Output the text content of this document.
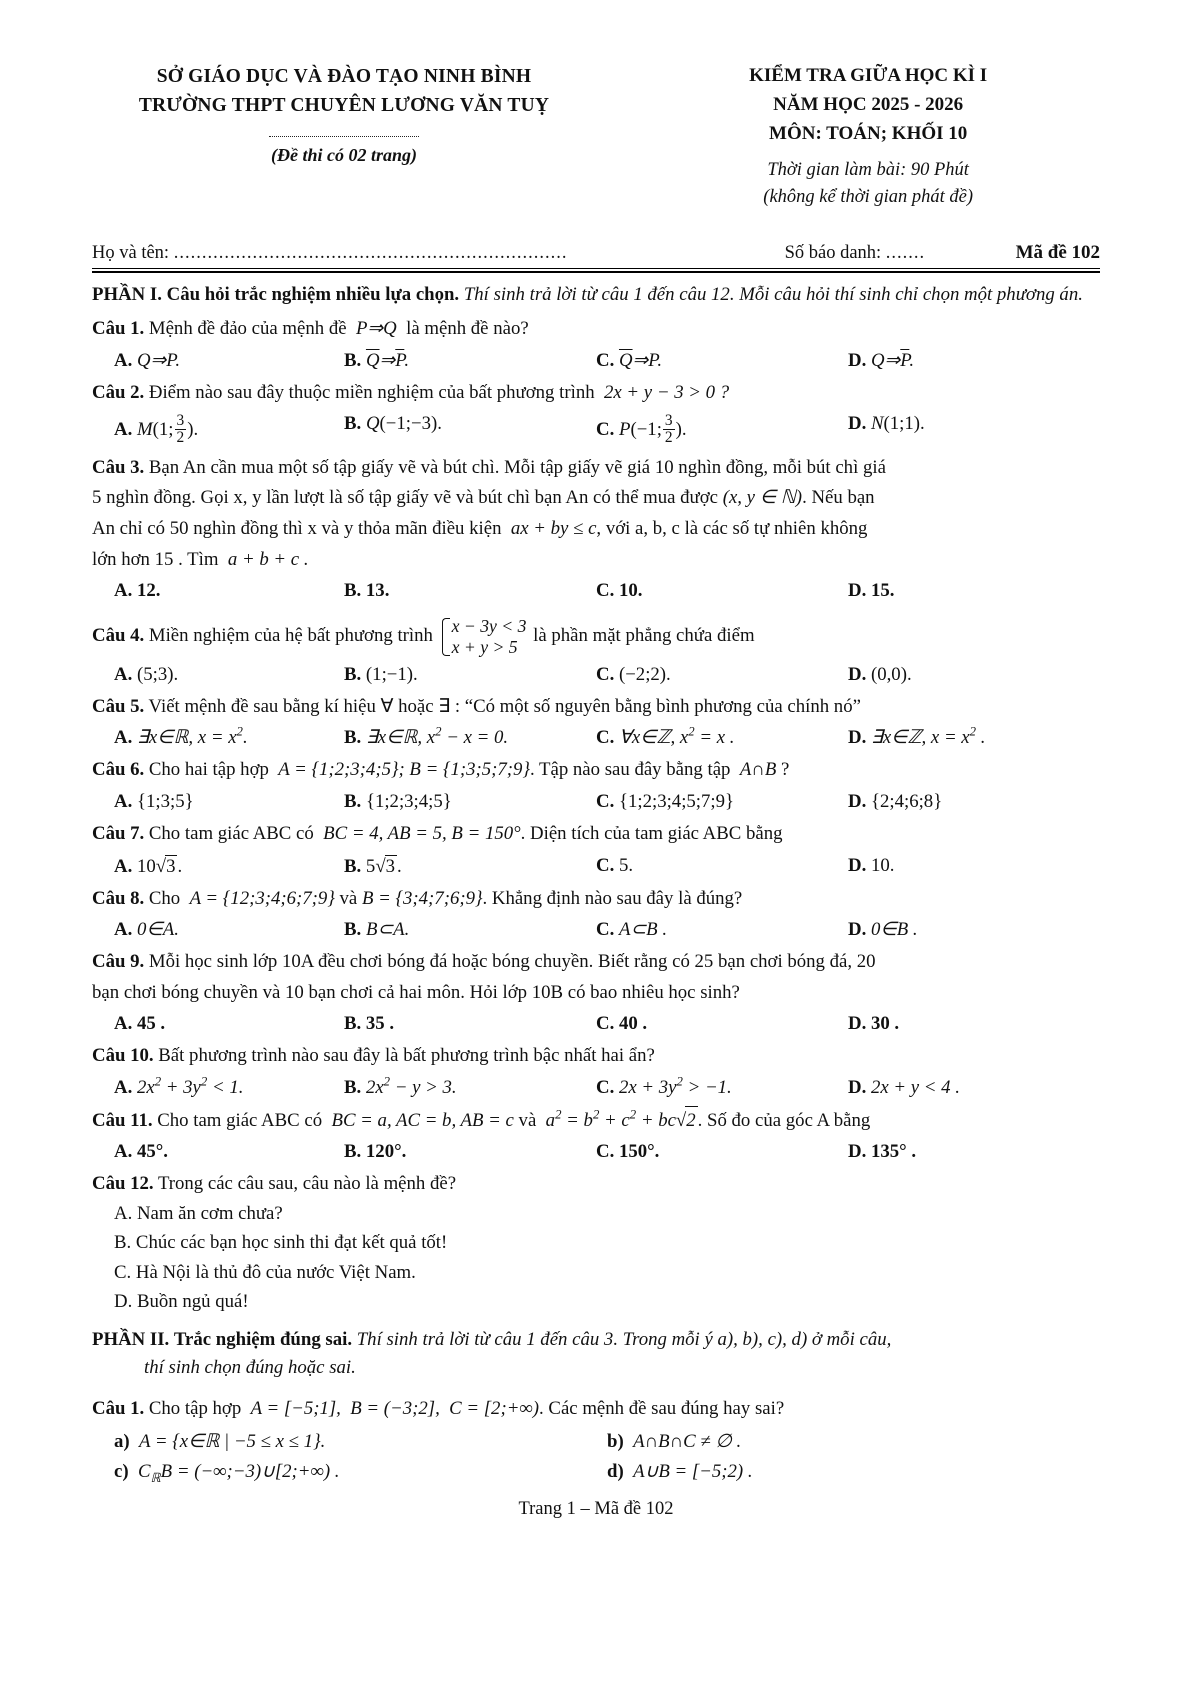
SỞ GIÁO DỤC VÀ ĐÀO TẠO NINH BÌNH
TRƯỜNG THPT CHUYÊN LƯƠNG VĂN TUỴ
(Đề thi có 02 trang)
KIỂM TRA GIỮA HỌC KÌ I
NĂM HỌC 2025 - 2026
MÔN: TOÁN; KHỐI 10
Thời gian làm bài: 90 Phút
(không kể thời gian phát đề)
Họ và tên: ......................................................................	Số báo danh: .......	Mã đề 102
PHẦN I. Câu hỏi trắc nghiệm nhiều lựa chọn. Thí sinh trả lời từ câu 1 đến câu 12. Mỗi câu hỏi thí sinh chỉ chọn một phương án.
Câu 1. Mệnh đề đảo của mệnh đề  P⇒Q  là mệnh đề nào?
A. Q⇒P.	B. $\overline{Q}\Rightarrow\overline{P}$.	C. $\overline{Q}\Rightarrow P$.	D. $Q\Rightarrow\overline{P}$.
Câu 2. Điểm nào sau đây thuộc miền nghiệm của bất phương trình  2x + y − 3 > 0 ?
A. M(1; $\frac{3}{2}$ ).	B. Q(−1;−3).	C. P(−1; $\frac{3}{2}$ ).	D. N(1;1).
Câu 3. Bạn An cần mua một số tập giấy vẽ và bút chì. Mỗi tập giấy vẽ giá 10 nghìn đồng, mỗi bút chì giá
5 nghìn đồng. Gọi x, y lần lượt là số tập giấy vẽ và bút chì bạn An có thể mua được (x, y ∈ ℕ). Nếu bạn
An chỉ có 50 nghìn đồng thì x và y thỏa mãn điều kiện  ax + by ≤ c, với a, b, c là các số tự nhiên không
lớn hơn 15 . Tìm  a + b + c .
A. 12.	B. 13.	C. 10.	D. 15.
Câu 4. Miền nghiệm của hệ bất phương trình x − 3y < 3
x + y > 5 là phần mặt phẳng chứa điểm
A. (5;3).	B. (1;−1).	C. (−2;2).	D. (0,0).
Câu 5. Viết mệnh đề sau bằng kí hiệu ∀ hoặc ∃ : “Có một số nguyên bằng bình phương của chính nó”
A. ∃x∈ℝ, $x = x^2$.	B. ∃x∈ℝ, $x^2 - x = 0$.	C. ∀x∈ℤ, $x^2 = x$ .	D. ∃x∈ℤ, $x = x^2$ .
Câu 6. Cho hai tập hợp  A = {1;2;3;4;5}; B = {1;3;5;7;9}. Tập nào sau đây bằng tập  A∩B ?
A. {1;3;5}	B. {1;2;3;4;5}	C. {1;2;3;4;5;7;9}	D. {2;4;6;8}
Câu 7. Cho tam giác ABC có  BC = 4, AB = 5, B = 150°. Diện tích của tam giác ABC bằng
A. 10√3 .	B. 5√3 .	C. 5.	D. 10.
Câu 8. Cho  A = {12;3;4;6;7;9} và B = {3;4;7;6;9}. Khẳng định nào sau đây là đúng?
A. 0∈A.	B. B⊂A.	C. A⊂B .	D. 0∈B .
Câu 9. Mỗi học sinh lớp 10A đều chơi bóng đá hoặc bóng chuyền. Biết rằng có 25 bạn chơi bóng đá, 20
bạn chơi bóng chuyền và 10 bạn chơi cả hai môn. Hỏi lớp 10B có bao nhiêu học sinh?
A. 45 .	B. 35 .	C. 40 .	D. 30 .
Câu 10. Bất phương trình nào sau đây là bất phương trình bậc nhất hai ẩn?
A. $2x^2 + 3y^2 < 1$.	B. $2x^2 - y > 3$.	C. $2x + 3y^2 > -1$.	D. 2x + y < 4 .
Câu 11. Cho tam giác ABC có  BC = a, AC = b, AB = c và  $a^2 = b^2 + c^2 + bc√2$ . Số đo của góc A bằng
A. 45°.	B. 120°.	C. 150°.	D. 135° .
Câu 12. Trong các câu sau, câu nào là mệnh đề?
A. Nam ăn cơm chưa?
B. Chúc các bạn học sinh thi đạt kết quả tốt!
C. Hà Nội là thủ đô của nước Việt Nam.
D. Buồn ngủ quá!
PHẦN II. Trắc nghiệm đúng sai. Thí sinh trả lời từ câu 1 đến câu 3. Trong mỗi ý a), b), c), d) ở mỗi câu,
thí sinh chọn đúng hoặc sai.
Câu 1. Cho tập hợp  A = [−5;1],  B = (−3;2],  C = [2;+∞). Các mệnh đề sau đúng hay sai?
a)  A = {x∈ℝ | −5 ≤ x ≤ 1}.	b)  A∩B∩C ≠ ∅ .
c)  $C_ℝB$ = (−∞;−3)∪[2;+∞) .	d)  A∪B = [−5;2) .
Trang 1 – Mã đề 102
